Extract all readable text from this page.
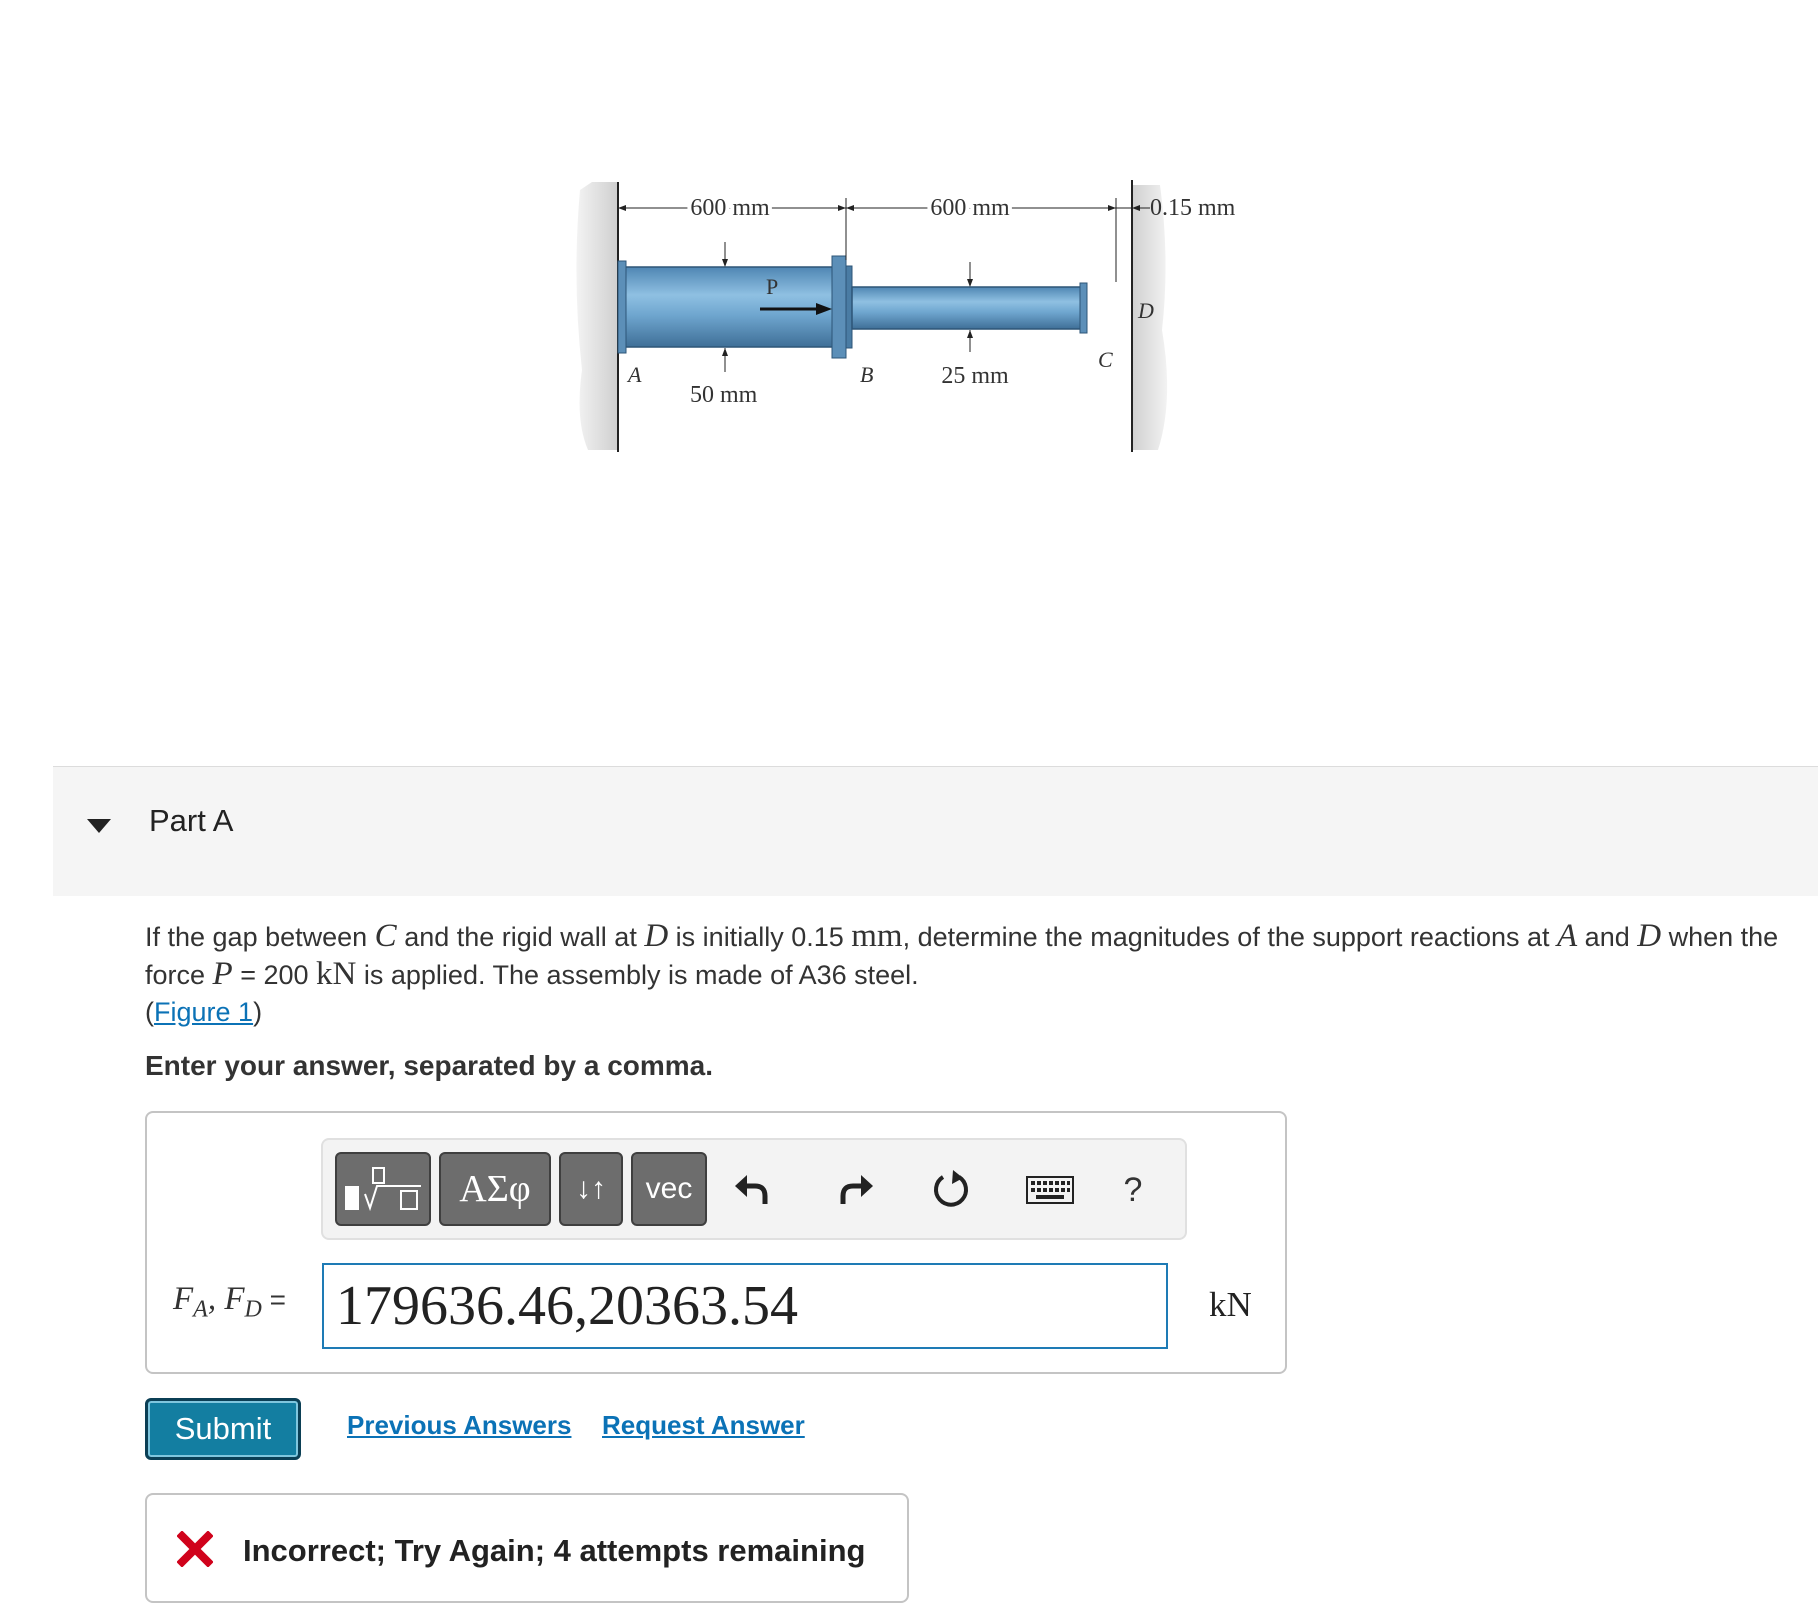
600 mm	600 mm	0.15 mm
50 mm
25 mm
A	B
C
D
P
Part A
If the gap between C and the rigid wall at D is initially 0.15 mm, determine the magnitudes of the support reactions at A and D when the force P = 200 kN is applied. The assembly is made of A36 steel.
(Figure 1)
Enter your answer, separated by a comma.
ΑΣφ	↓↑	vec	?
$F_A$, $F_D = 179636.46,20363.54$	kN
Submit	Previous Answers Request Answer
Incorrect; Try Again; 4 attempts remaining
